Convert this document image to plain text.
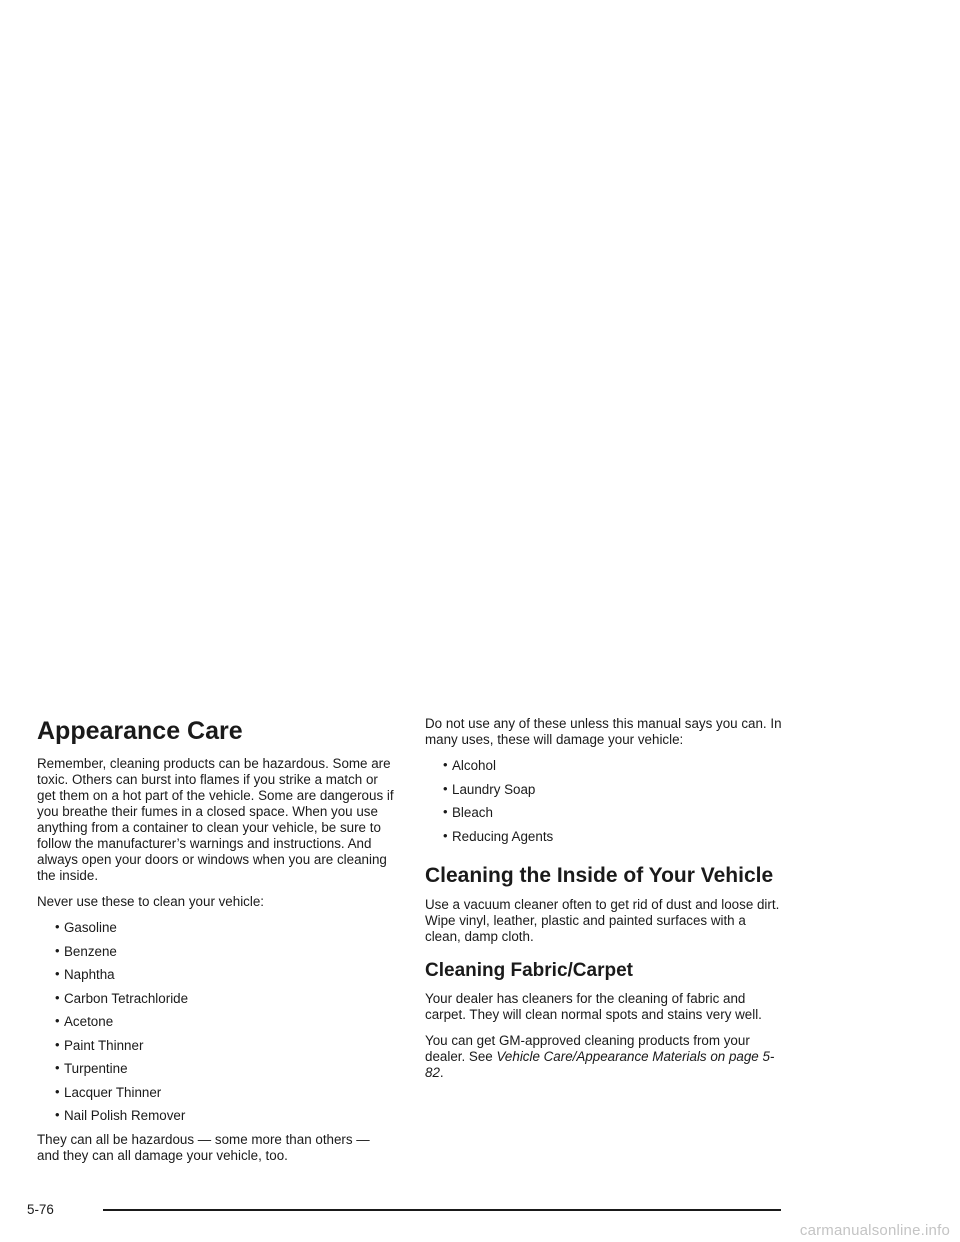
Appearance Care

Remember, cleaning products can be hazardous. Some are toxic. Others can burst into flames if you strike a match or get them on a hot part of the vehicle. Some are dangerous if you breathe their fumes in a closed space. When you use anything from a container to clean your vehicle, be sure to follow the manufacturer’s warnings and instructions. And always open your doors or windows when you are cleaning the inside.

Never use these to clean your vehicle:

• Gasoline
• Benzene
• Naphtha
• Carbon Tetrachloride
• Acetone
• Paint Thinner
• Turpentine
• Lacquer Thinner
• Nail Polish Remover

They can all be hazardous — some more than others — and they can all damage your vehicle, too.

Do not use any of these unless this manual says you can. In many uses, these will damage your vehicle:

• Alcohol
• Laundry Soap
• Bleach
• Reducing Agents
Cleaning the Inside of Your Vehicle

Use a vacuum cleaner often to get rid of dust and loose dirt. Wipe vinyl, leather, plastic and painted surfaces with a clean, damp cloth.

Cleaning Fabric/Carpet

Your dealer has cleaners for the cleaning of fabric and carpet. They will clean normal spots and stains very well.

You can get GM-approved cleaning products from your dealer. See Vehicle Care/Appearance Materials on page 5-82.

5-76
carmanualsonline.info
